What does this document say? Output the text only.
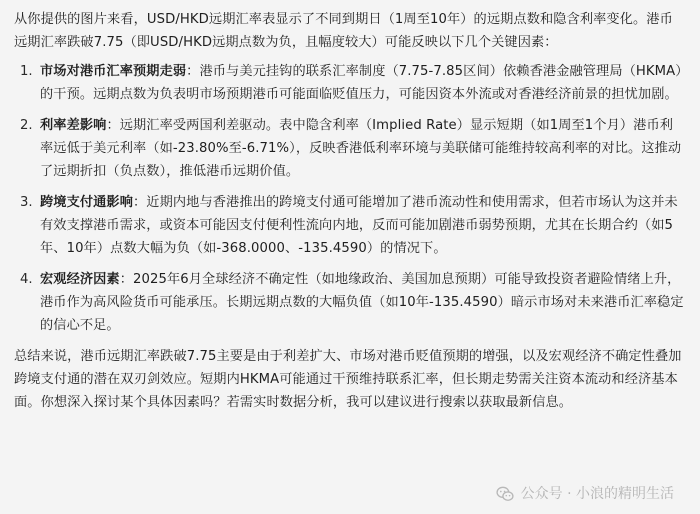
从你提供的图片来看，USD/HKD远期汇率表显示了不同到期日（1周至10年）的远期点数和隐含利率变化。港币远期汇率跌破7.75（即USD/HKD远期点数为负，且幅度较大）可能反映以下几个关键因素：

1. 市场对港币汇率预期走弱：港币与美元挂钩的联系汇率制度（7.75-7.85区间）依赖香港金融管理局（HKMA）的干预。远期点数为负表明市场预期港币可能面临贬值压力，可能因资本外流或对香港经济前景的担忧加剧。

2. 利率差影响：远期汇率受两国利差驱动。表中隐含利率（Implied Rate）显示短期（如1周至1个月）港币利率远低于美元利率（如-23.80%至-6.71%），反映香港低利率环境与美联储可能维持较高利率的对比。这推动了远期折扣（负点数），推低港币远期价值。

3. 跨境支付通影响：近期内地与香港推出的跨境支付通可能增加了港币流动性和使用需求，但若市场认为这并未有效支撑港币需求，或资本可能因支付便利性流向内地，反而可能加剧港币弱势预期，尤其在长期合约（如5年、10年）点数大幅为负（如-368.0000、-135.4590）的情况下。

4. 宏观经济因素：2025年6月全球经济不确定性（如地缘政治、美国加息预期）可能导致投资者避险情绪上升，港币作为高风险货币可能承压。长期远期点数的大幅负值（如10年-135.4590）暗示市场对未来港币汇率稳定的信心不足。

总结来说，港币远期汇率跌破7.75主要是由于利差扩大、市场对港币贬值预期的增强，以及宏观经济不确定性叠加跨境支付通的潜在双刃剑效应。短期内HKMA可能通过干预维持联系汇率，但长期走势需关注资本流动和经济基本面。你想深入探讨某个具体因素吗？若需实时数据分析，我可以建议进行搜索以获取最新信息。

公众号 · 小浪的精明生活
